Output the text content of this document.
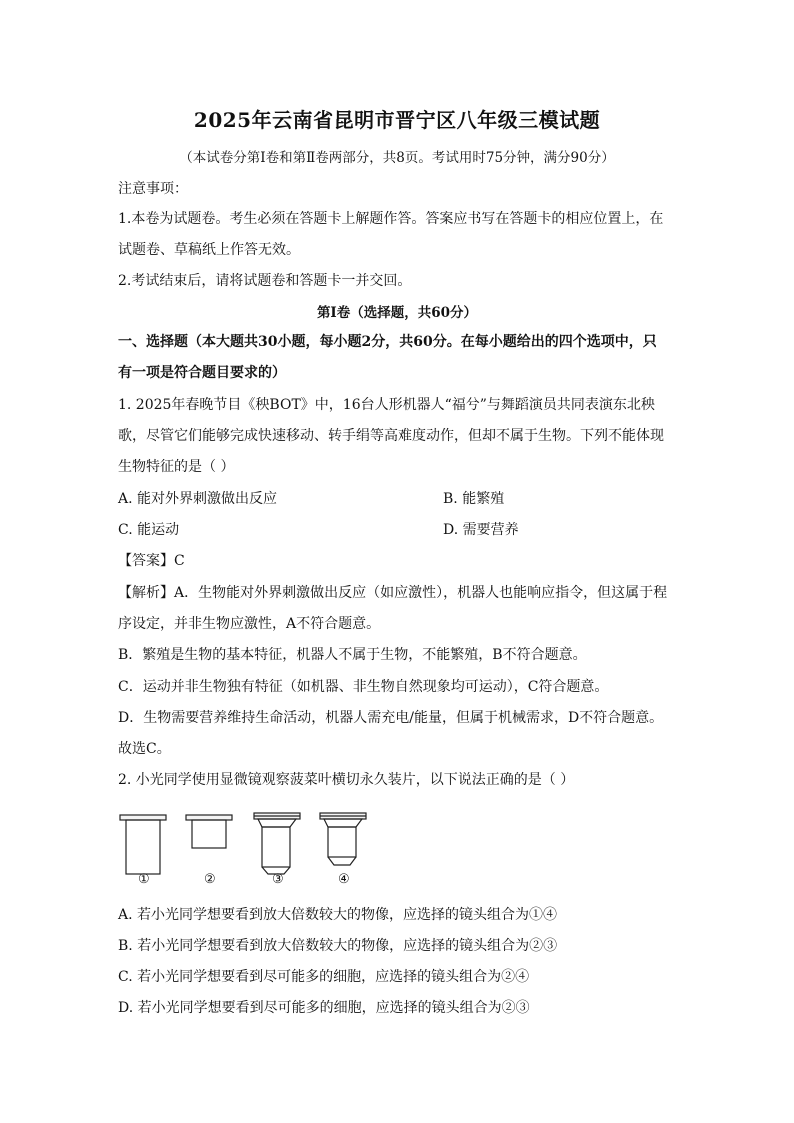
2025年云南省昆明市晋宁区八年级三模试题
（本试卷分第Ⅰ卷和第Ⅱ卷两部分，共8页。考试用时75分钟，满分90分）
注意事项：
1.本卷为试题卷。考生必须在答题卡上解题作答。答案应书写在答题卡的相应位置上，在
试题卷、草稿纸上作答无效。
2.考试结束后，请将试题卷和答题卡一并交回。
第Ⅰ卷（选择题，共60分）
一、选择题（本大题共30小题，每小题2分，共60分。在每小题给出的四个选项中，只
有一项是符合题目要求的）
1. 2025年春晚节目《秧BOT》中，16台人形机器人“福兮”与舞蹈演员共同表演东北秧
歌，尽管它们能够完成快速移动、转手绢等高难度动作，但却不属于生物。下列不能体现
生物特征的是（ ）
A. 能对外界刺激做出反应	B. 能繁殖
C. 能运动	D. 需要营养
【答案】C
【解析】A．生物能对外界刺激做出反应（如应激性），机器人也能响应指令，但这属于程
序设定，并非生物应激性，A不符合题意。
B．繁殖是生物的基本特征，机器人不属于生物，不能繁殖，B不符合题意。
C．运动并非生物独有特征（如机器、非生物自然现象均可运动），C符合题意。
D．生物需要营养维持生命活动，机器人需充电/能量，但属于机械需求，D不符合题意。
故选C。
2. 小光同学使用显微镜观察菠菜叶横切永久装片，以下说法正确的是（ ）
①	②	③	④
A. 若小光同学想要看到放大倍数较大的物像，应选择的镜头组合为①④
B. 若小光同学想要看到放大倍数较大的物像，应选择的镜头组合为②③
C. 若小光同学想要看到尽可能多的细胞，应选择的镜头组合为②④
D. 若小光同学想要看到尽可能多的细胞，应选择的镜头组合为②③
